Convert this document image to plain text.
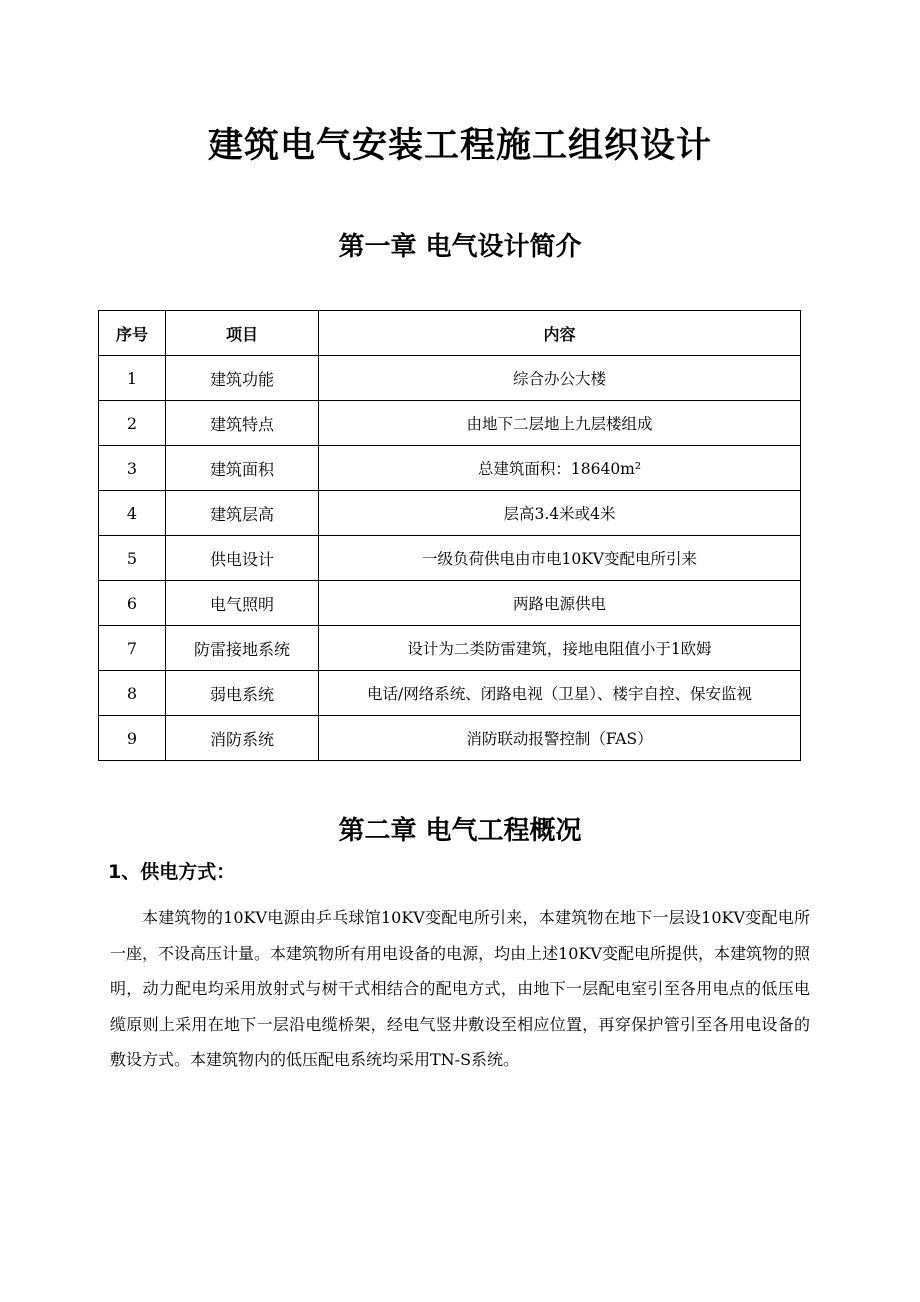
建筑电气安装工程施工组织设计
第一章 电气设计简介
序号	项目	内容
1	建筑功能	综合办公大楼
2	建筑特点	由地下二层地上九层楼组成
3	建筑面积	总建筑面积：18640m²
4	建筑层高	层高3.4米或4米
5	供电设计	一级负荷供电由市电10KV变配电所引来
6	电气照明	两路电源供电
7	防雷接地系统	设计为二类防雷建筑，接地电阻值小于1欧姆
8	弱电系统	电话/网络系统、闭路电视（卫星）、楼宇自控、保安监视
9	消防系统	消防联动报警控制（FAS）
第二章 电气工程概况
1、供电方式：

本建筑物的10KV电源由乒乓球馆10KV变配电所引来，本建筑物在地下一层设10KV变配电所一座，不设高压计量。本建筑物所有用电设备的电源，均由上述10KV变配电所提供，本建筑物的照明，动力配电均采用放射式与树干式相结合的配电方式，由地下一层配电室引至各用电点的低压电缆原则上采用在地下一层沿电缆桥架，经电气竖井敷设至相应位置，再穿保护管引至各用电设备的敷设方式。本建筑物内的低压配电系统均采用TN-S系统。
